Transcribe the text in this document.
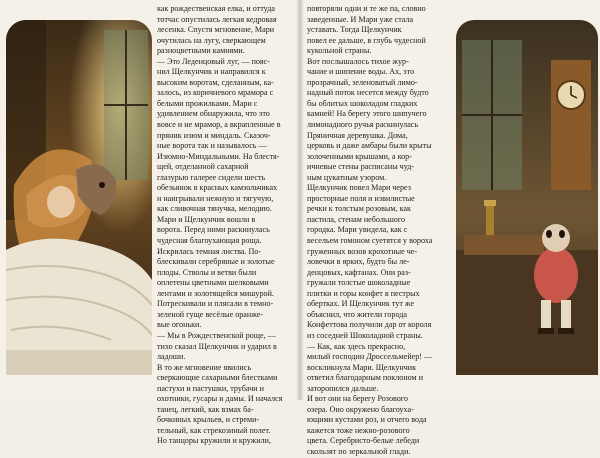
как рождественская елка, и оттуда
тотчас опустилась легкая кедровая
лесенка. Спустя мгновение, Мари
очутилась на лугу, сверкающем
разноцветными камнями.
— Это Леденцовый луг, — пояс-
нил Щелкунчик и направился к
высоким воротам, сделанным, ка-
залось, из коричневого мрамора с
белыми прожилками. Мари с
удивлением обнаружила, что это
вовсе и не мрамор, а вкрапленные в
пряник изюм и миндаль. Сказоч-
ные ворота так и называлось —
Изюмно-Миндальными. На блестя-
щей, отделанной сахарной
глазурью галерее сидели шесть
обезьянок в красных камзольчиках
и наигрывали нежную и тягучую,
как сливочная тянучка, мелодию.
Мари и Щелкунчик вошли в
ворота. Перед ними раскинулась
чудесная благоухающая роща.
Искрилась темная листва. По-
блескивали серебряные и золотые
плоды. Стволы и ветви были
оплетены цветными шелковыми
лентами и золотящейся мишурой.
Потрескивали и плясали в темно-
зеленой гуще весёлые оранже-
вые огоньки.
— Мы в Рождественской роще, —
тихо сказал Щелкунчик и ударил в
ладоши.
В то же мгновение явились
сверкающие сахарными блестками
пастухи и пастушки, трубачи и
охотники, гусары и дамы. И начался
танец, легкий, как взмах ба-
бочкиных крыльев, и стреми-
тельный, как стрекозиный полет.
Но танцоры кружили и кружили,
повторяли одни и те же па, словно
заведенные. И Мари уже стала
уставать. Тогда Щелкунчик
повел ее дальше, в глубь чудесной
кукольной страны.
Вот послышалось тихое жур-
чание и шипение воды. Ах, это
прозрачный, зеленоватый лимо-
надный поток несется между будто
бы облитых шоколадом гладких
камней! На берегу этого шипучего
лимонадного ручья раскинулась
Пряничная деревушка. Дома,
церковь и даже амбары были крыты
золоченными крышами, а кор-
ичневые стены расписаны чуд-
ным цукатным узором.
Щелкунчик повел Мари через
просторные поля и извилистые
речки к толстым розовым, как
пастила, стенам небольшого
городка. Мари увидела, как с
весельем гомоном суетятся у вороха
груженных возов крохотные че-
ловечки в ярких, будто бы ле-
денцовых, кафтанах. Они раз-
гружали толстые шоколадные
плитки и горы конфет в пестрых
обертках. И Щелкунчик тут же
объяснил, что жители города
Конфеттова получили дар от короля
из соседней Шоколадной страны.
— Как, как здесь прекрасно,
милый господин Дроссельмейер! —
воскликнула Мари. Щелкунчик
ответил благодарным поклоном и
заторопился дальше.
И вот они на берегу Розового
озера. Оно окружено благоуха-
ющими кустами роз, и отчего вода
кажется тоже нежно-розового
цвета. Серебристо-белые лебеди
скользят по зеркальной глади.
